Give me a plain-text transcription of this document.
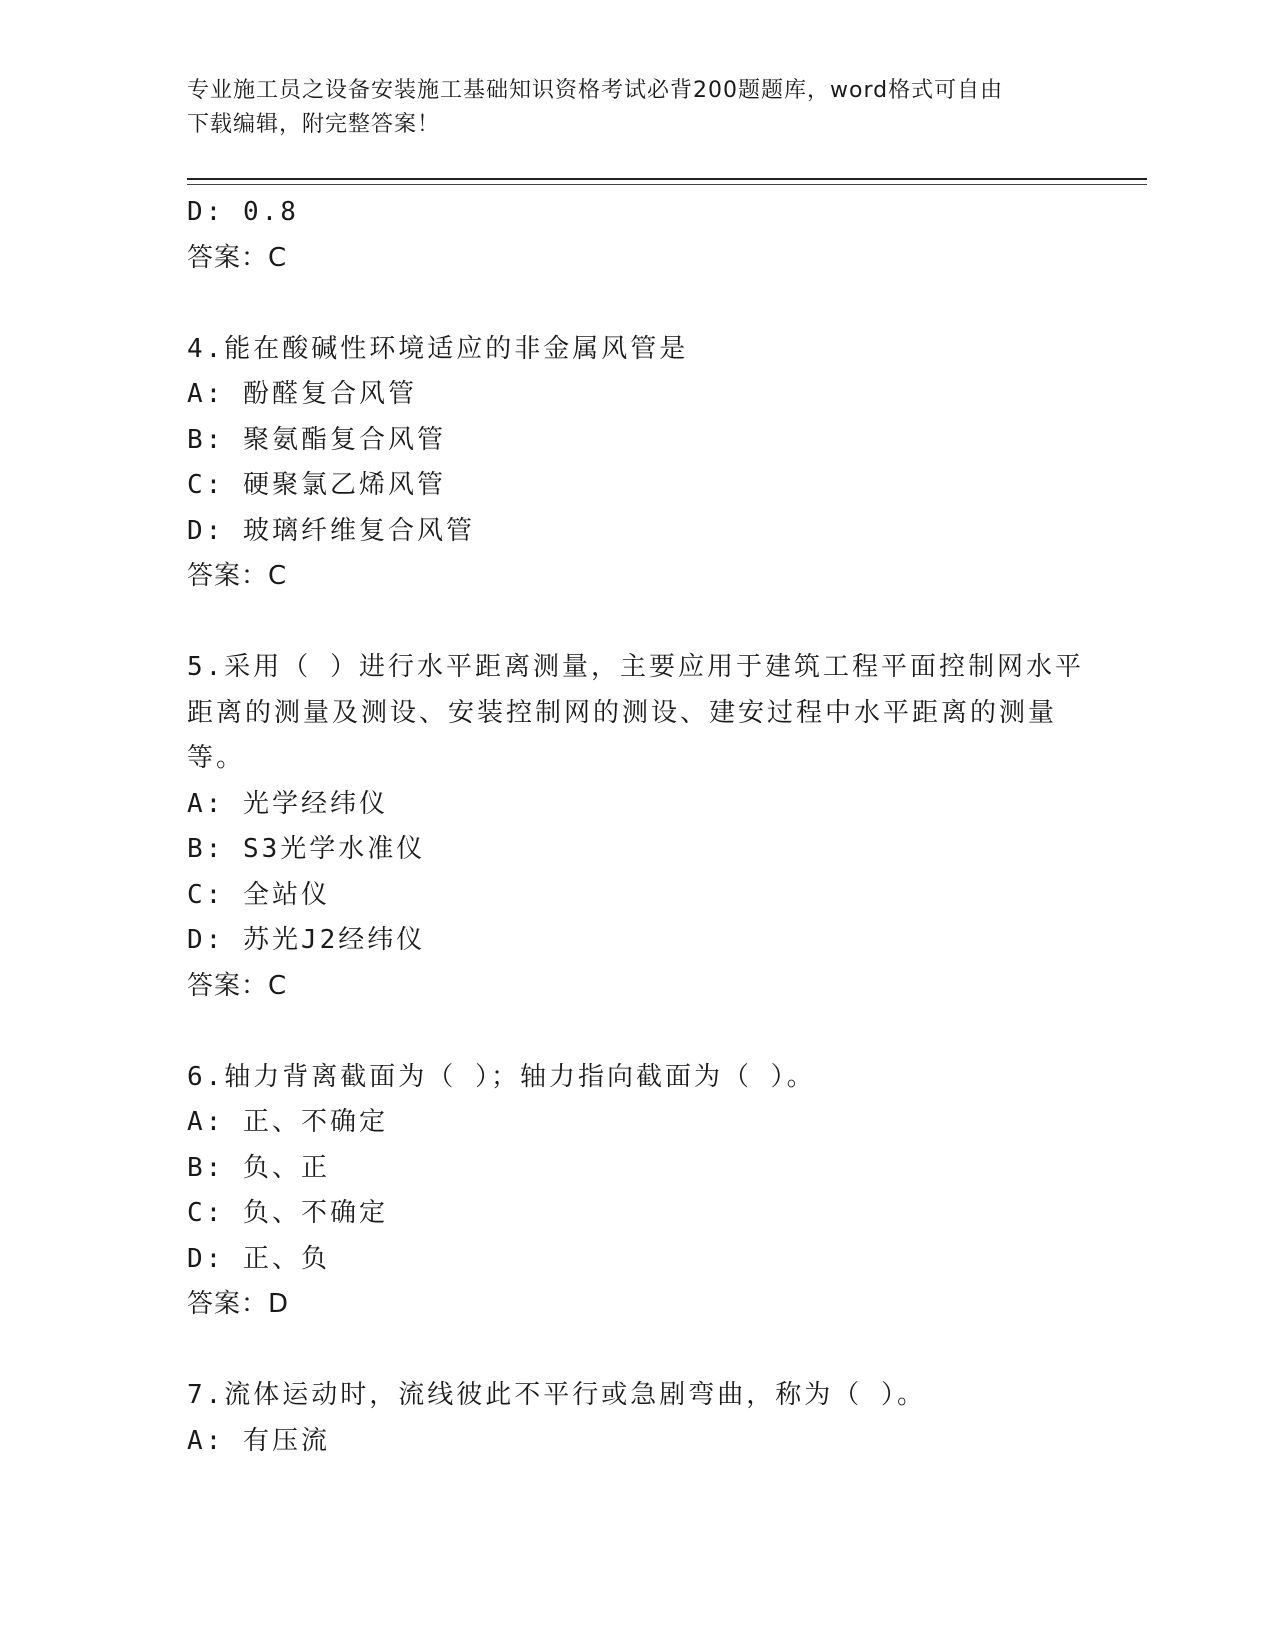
专业施工员之设备安装施工基础知识资格考试必背200题题库，word格式可自由
下载编辑，附完整答案！
D: 0.8
答案：C
4.能在酸碱性环境适应的非金属风管是
A: 酚醛复合风管
B: 聚氨酯复合风管
C: 硬聚氯乙烯风管
D: 玻璃纤维复合风管
答案：C
5.采用（ ）进行水平距离测量，主要应用于建筑工程平面控制网水平
距离的测量及测设、安装控制网的测设、建安过程中水平距离的测量
等。
A: 光学经纬仪
B: S3光学水准仪
C: 全站仪
D: 苏光J2经纬仪
答案：C
6.轴力背离截面为（ ）；轴力指向截面为（ ）。
A: 正、不确定
B: 负、正
C: 负、不确定
D: 正、负
答案：D
7.流体运动时，流线彼此不平行或急剧弯曲，称为（ ）。
A: 有压流
